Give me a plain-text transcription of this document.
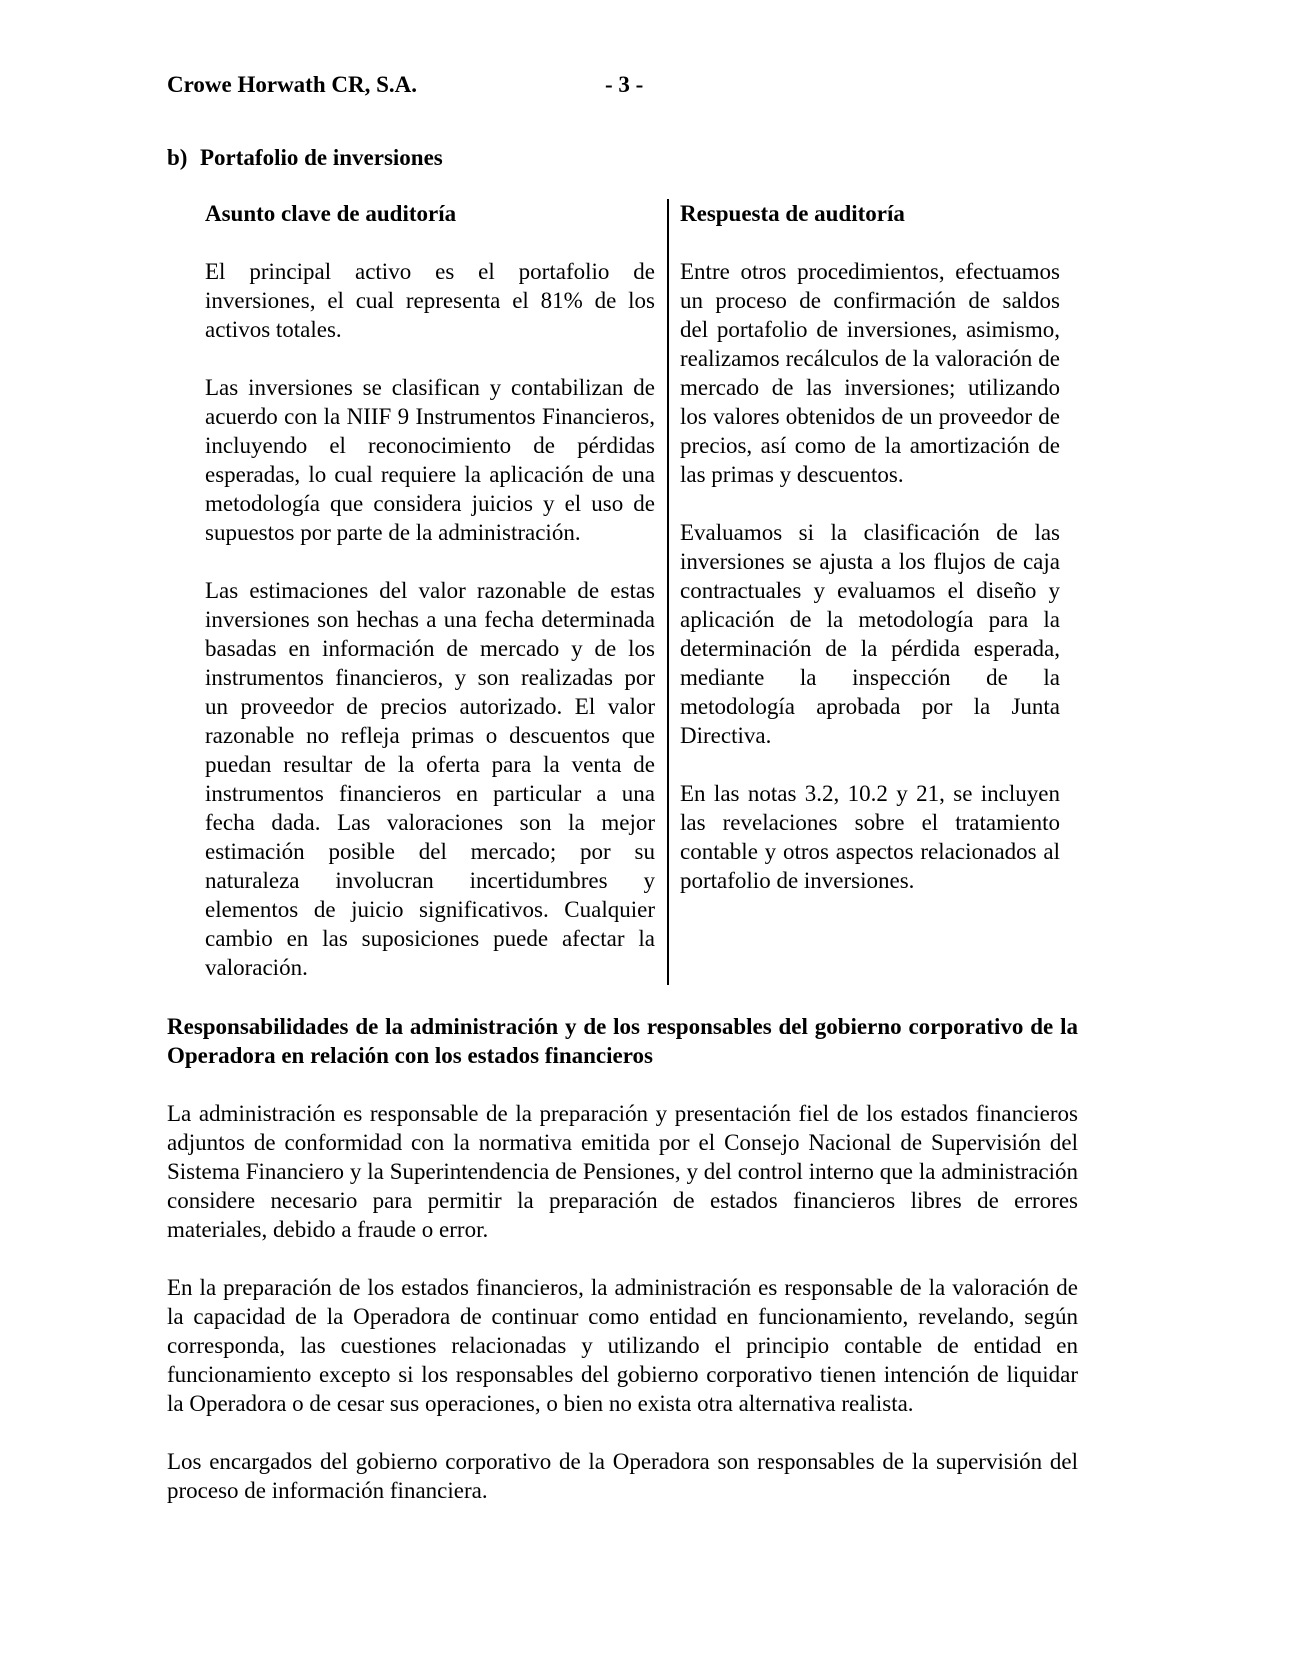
Crowe Horwath CR, S.A.	- 3 -
b) Portafolio de inversiones

Asunto clave de auditoría

El principal activo es el portafolio de inversiones, el cual representa el 81% de los activos totales.

Las inversiones se clasifican y contabilizan de acuerdo con la NIIF 9 Instrumentos Financieros, incluyendo el reconocimiento de pérdidas esperadas, lo cual requiere la aplicación de una metodología que considera juicios y el uso de supuestos por parte de la administración.

Las estimaciones del valor razonable de estas inversiones son hechas a una fecha determinada basadas en información de mercado y de los instrumentos financieros, y son realizadas por un proveedor de precios autorizado. El valor razonable no refleja primas o descuentos que puedan resultar de la oferta para la venta de instrumentos financieros en particular a una fecha dada. Las valoraciones son la mejor estimación posible del mercado; por su naturaleza involucran incertidumbres y elementos de juicio significativos. Cualquier cambio en las suposiciones puede afectar la valoración.

Respuesta de auditoría

Entre otros procedimientos, efectuamos un proceso de confirmación de saldos del portafolio de inversiones, asimismo, realizamos recálculos de la valoración de mercado de las inversiones; utilizando los valores obtenidos de un proveedor de precios, así como de la amortización de las primas y descuentos.

Evaluamos si la clasificación de las inversiones se ajusta a los flujos de caja contractuales y evaluamos el diseño y aplicación de la metodología para la determinación de la pérdida esperada, mediante la inspección de la metodología aprobada por la Junta Directiva.

En las notas 3.2, 10.2 y 21, se incluyen las revelaciones sobre el tratamiento contable y otros aspectos relacionados al portafolio de inversiones.

Responsabilidades de la administración y de los responsables del gobierno corporativo de la Operadora en relación con los estados financieros

La administración es responsable de la preparación y presentación fiel de los estados financieros adjuntos de conformidad con la normativa emitida por el Consejo Nacional de Supervisión del Sistema Financiero y la Superintendencia de Pensiones, y del control interno que la administración considere necesario para permitir la preparación de estados financieros libres de errores materiales, debido a fraude o error.

En la preparación de los estados financieros, la administración es responsable de la valoración de la capacidad de la Operadora de continuar como entidad en funcionamiento, revelando, según corresponda, las cuestiones relacionadas y utilizando el principio contable de entidad en funcionamiento excepto si los responsables del gobierno corporativo tienen intención de liquidar la Operadora o de cesar sus operaciones, o bien no exista otra alternativa realista.

Los encargados del gobierno corporativo de la Operadora son responsables de la supervisión del proceso de información financiera.
